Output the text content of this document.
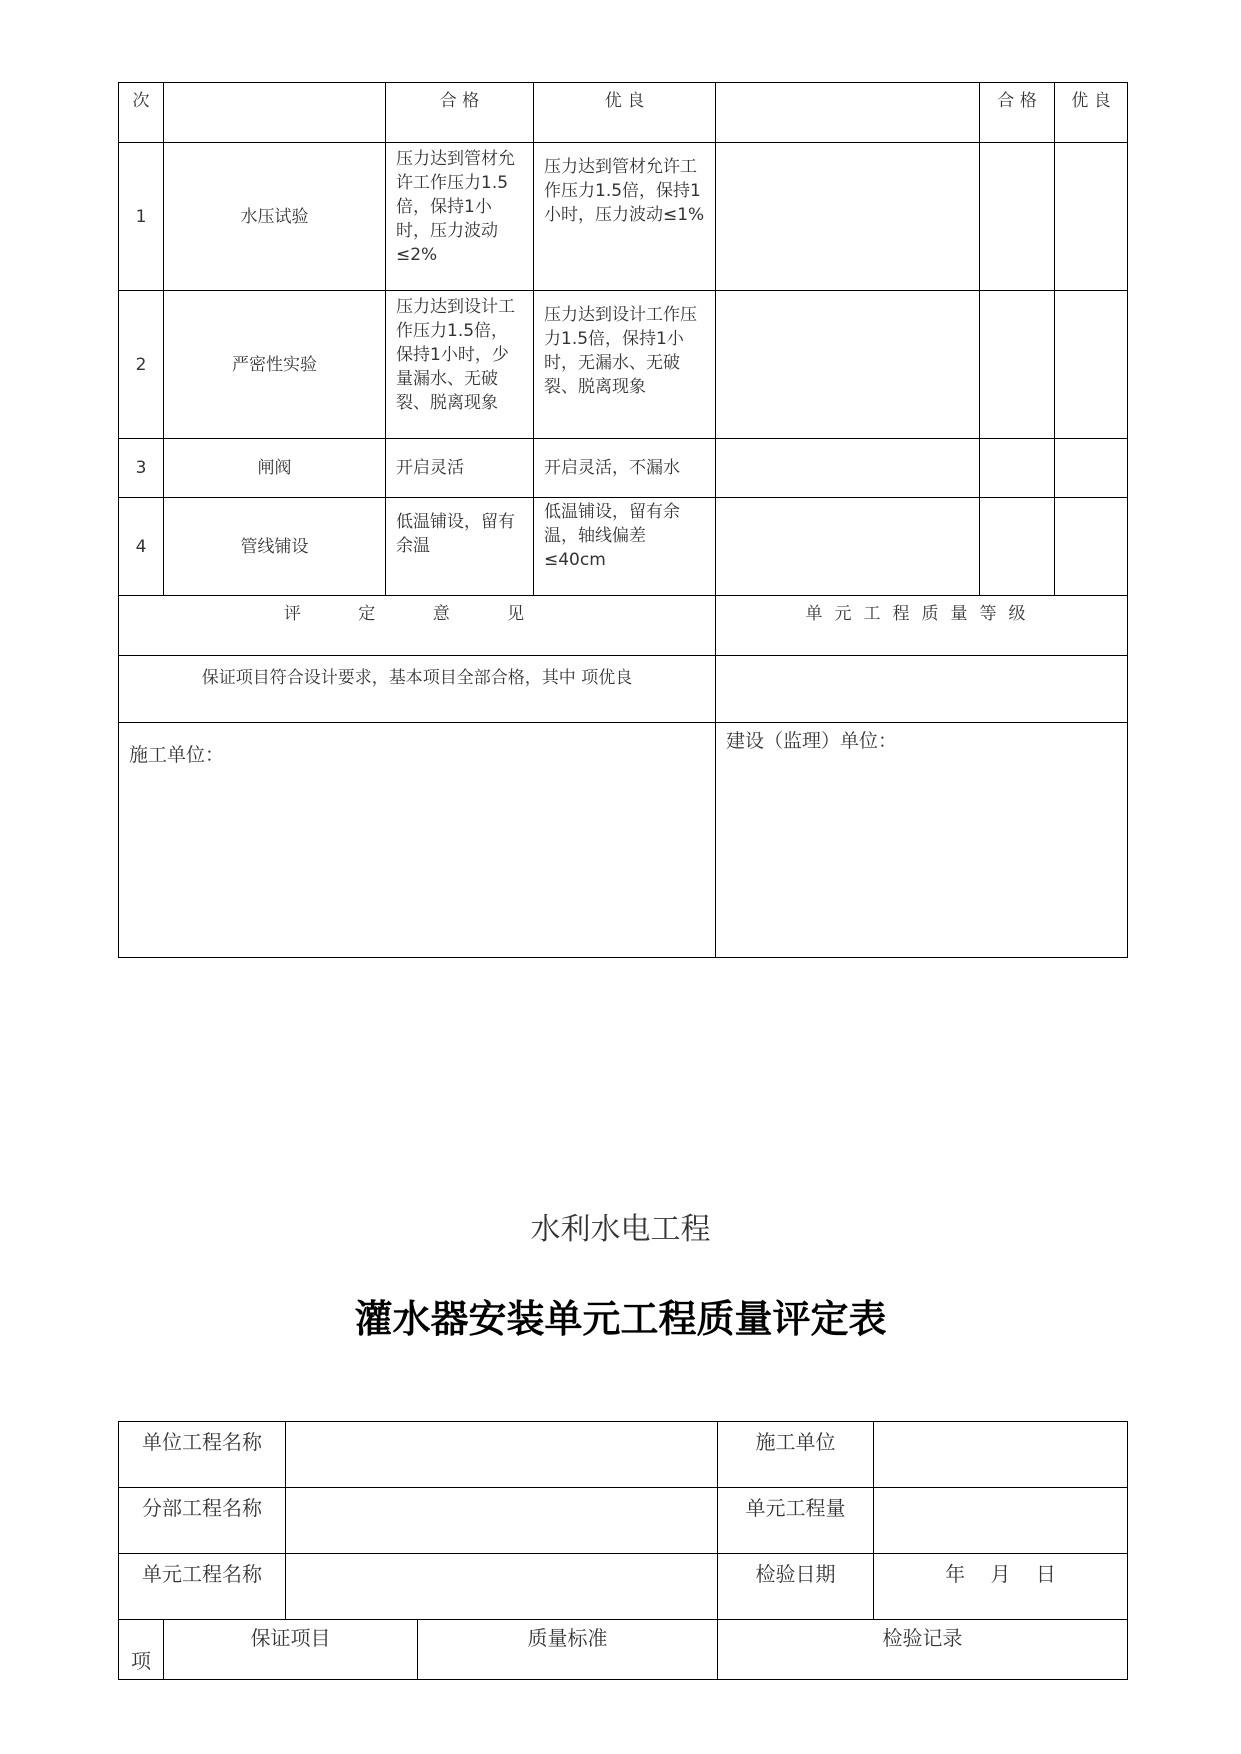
次		合 格	优 良		合 格	优 良
1	水压试验	压力达到管材允许工作压力1.5倍，保持1小时，压力波动≤2%	压力达到管材允许工作压力1.5倍，保持1小时，压力波动≤1%			
2	严密性实验	压力达到设计工作压力1.5倍，保持1小时，少量漏水、无破裂、脱离现象	压力达到设计工作压力1.5倍，保持1小时，无漏水、无破裂、脱离现象			
3	闸阀	开启灵活	开启灵活，不漏水			
4	管线铺设	低温铺设，留有余温	低温铺设，留有余温，轴线偏差≤40cm			
评 定 意 见				单元工程质量等级		
保证项目符合设计要求，基本项目全部合格，其中 项优良						
施工单位：				建设（监理）单位：		
水利水电工程
灌水器安装单元工程质量评定表
单位工程名称				施工单位	
分部工程名称				单元工程量	
单元工程名称				检验日期	年    月    日
项	保证项目		质量标准	检验记录	
